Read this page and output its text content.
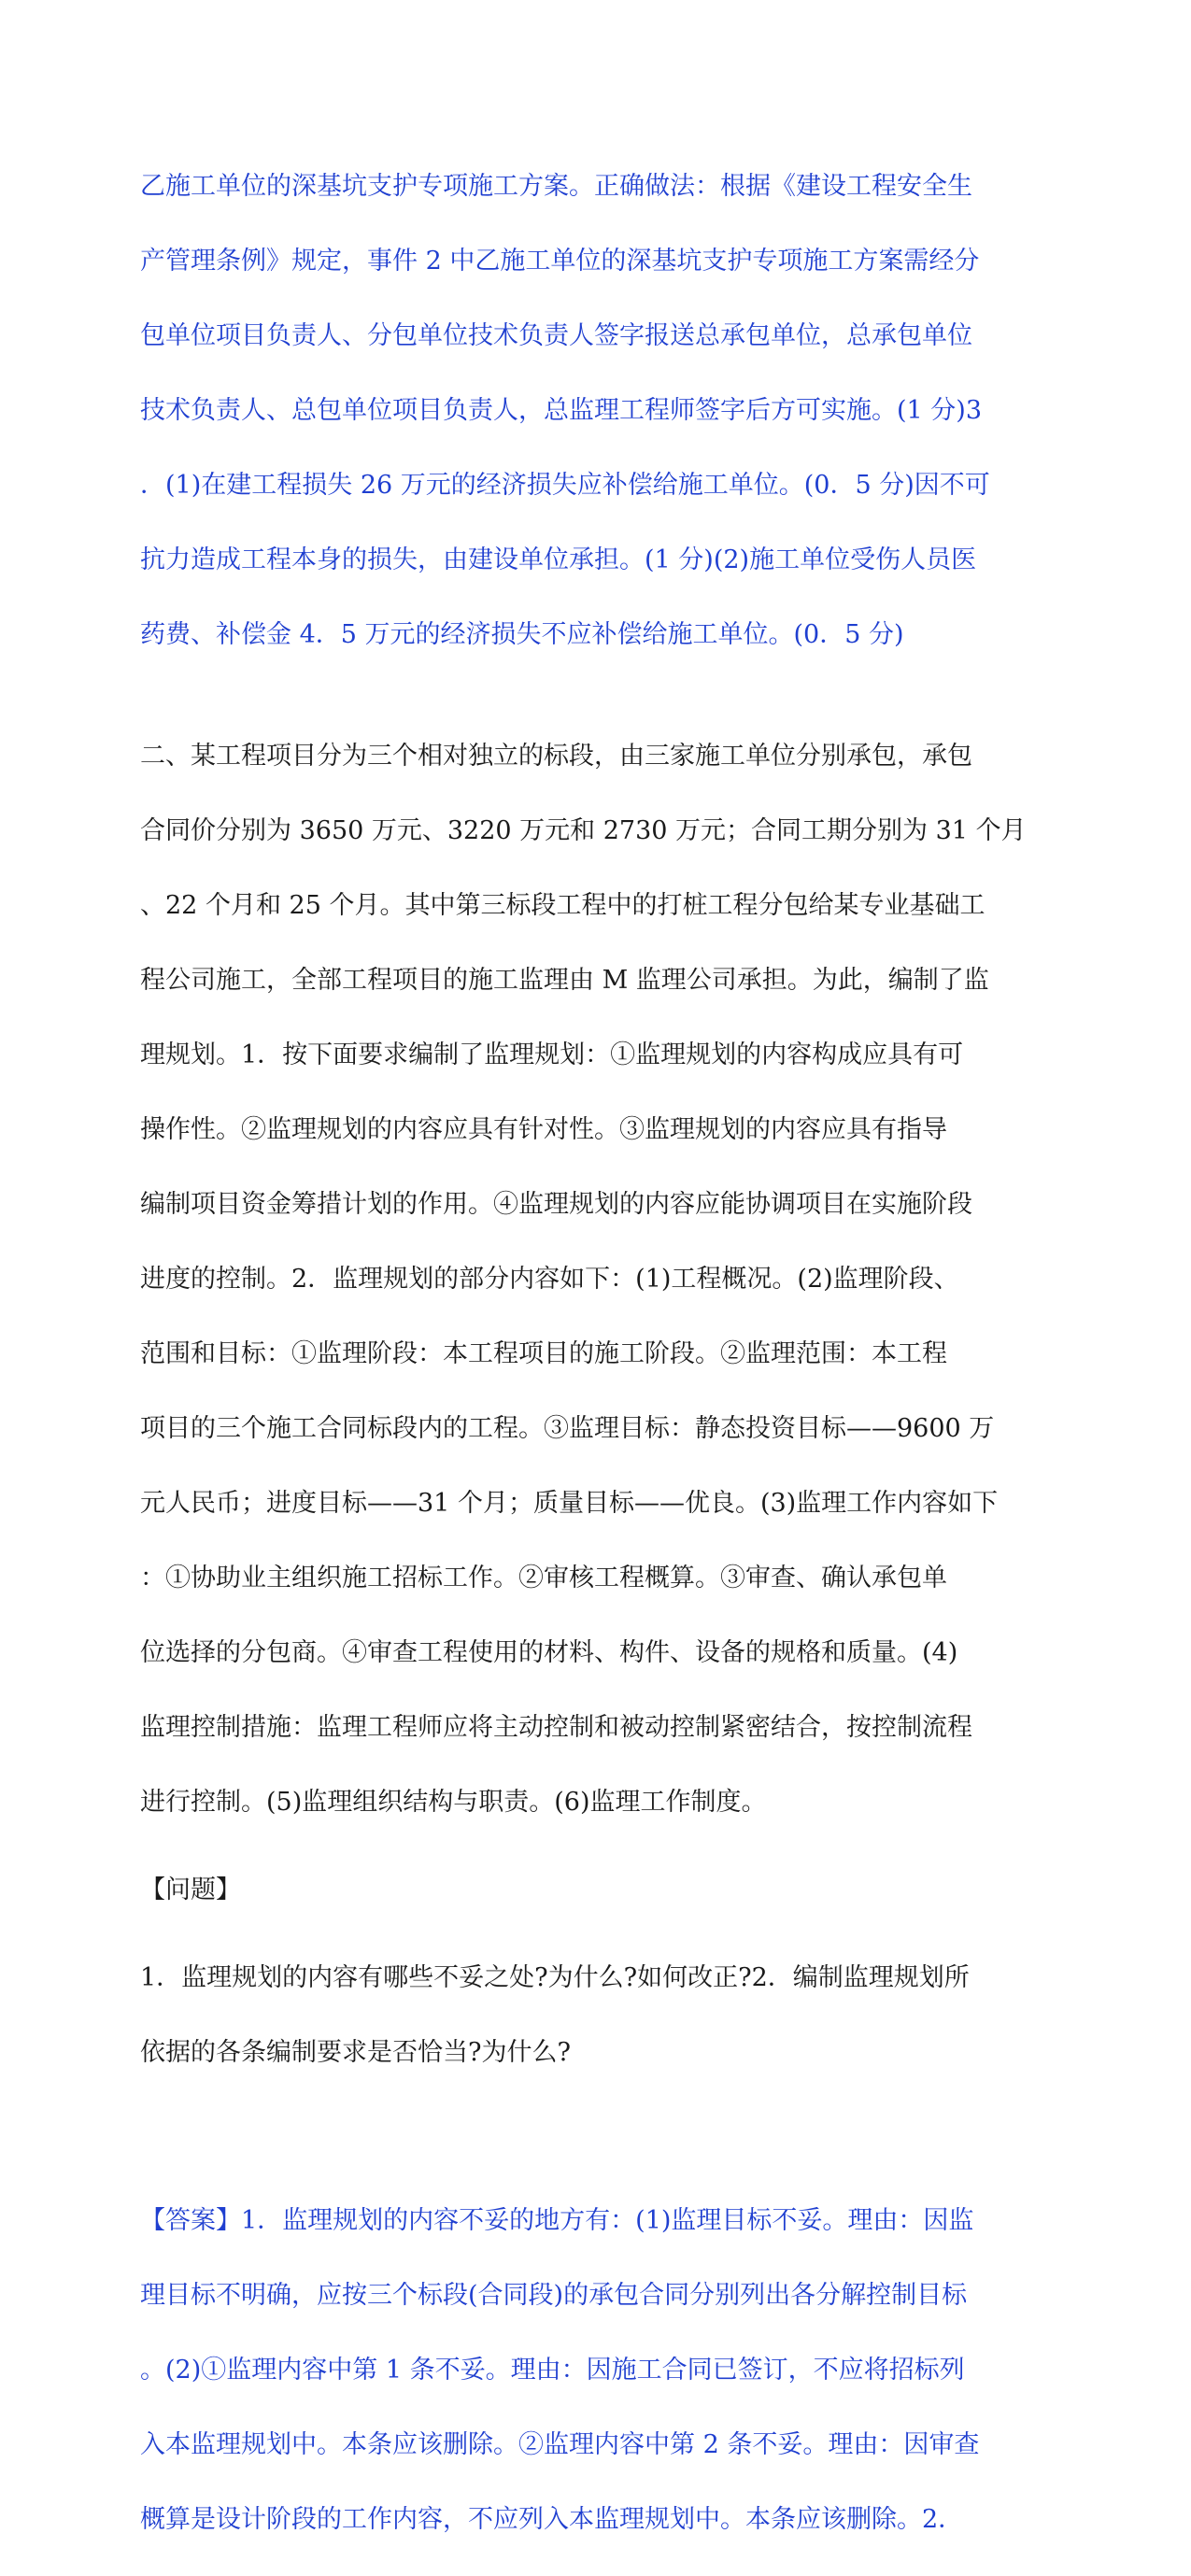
乙施工单位的深基坑支护专项施工方案。正确做法：根据《建设工程安全生

产管理条例》规定，事件 2 中乙施工单位的深基坑支护专项施工方案需经分

包单位项目负责人、分包单位技术负责人签字报送总承包单位，总承包单位

技术负责人、总包单位项目负责人，总监理工程师签字后方可实施。(1 分)3

．(1)在建工程损失 26 万元的经济损失应补偿给施工单位。(0．5 分)因不可

抗力造成工程本身的损失，由建设单位承担。(1 分)(2)施工单位受伤人员医

药费、补偿金 4．5 万元的经济损失不应补偿给施工单位。(0．5 分)

二、某工程项目分为三个相对独立的标段，由三家施工单位分别承包，承包

合同价分别为 3650 万元、3220 万元和 2730 万元；合同工期分别为 31 个月

、22 个月和 25 个月。其中第三标段工程中的打桩工程分包给某专业基础工

程公司施工，全部工程项目的施工监理由 M 监理公司承担。为此，编制了监

理规划。1．按下面要求编制了监理规划：①监理规划的内容构成应具有可

操作性。②监理规划的内容应具有针对性。③监理规划的内容应具有指导

编制项目资金筹措计划的作用。④监理规划的内容应能协调项目在实施阶段

进度的控制。2．监理规划的部分内容如下：(1)工程概况。(2)监理阶段、

范围和目标：①监理阶段：本工程项目的施工阶段。②监理范围：本工程

项目的三个施工合同标段内的工程。③监理目标：静态投资目标——9600 万

元人民币；进度目标——31 个月；质量目标——优良。(3)监理工作内容如下

：①协助业主组织施工招标工作。②审核工程概算。③审查、确认承包单

位选择的分包商。④审查工程使用的材料、构件、设备的规格和质量。(4)

监理控制措施：监理工程师应将主动控制和被动控制紧密结合，按控制流程

进行控制。(5)监理组织结构与职责。(6)监理工作制度。

【问题】

1．监理规划的内容有哪些不妥之处?为什么?如何改正?2．编制监理规划所

依据的各条编制要求是否恰当?为什么?

【答案】1．监理规划的内容不妥的地方有：(1)监理目标不妥。理由：因监

理目标不明确，应按三个标段(合同段)的承包合同分别列出各分解控制目标

。(2)①监理内容中第 1 条不妥。理由：因施工合同已签订，不应将招标列

入本监理规划中。本条应该删除。②监理内容中第 2 条不妥。理由：因审查

概算是设计阶段的工作内容，不应列入本监理规划中。本条应该删除。2．
